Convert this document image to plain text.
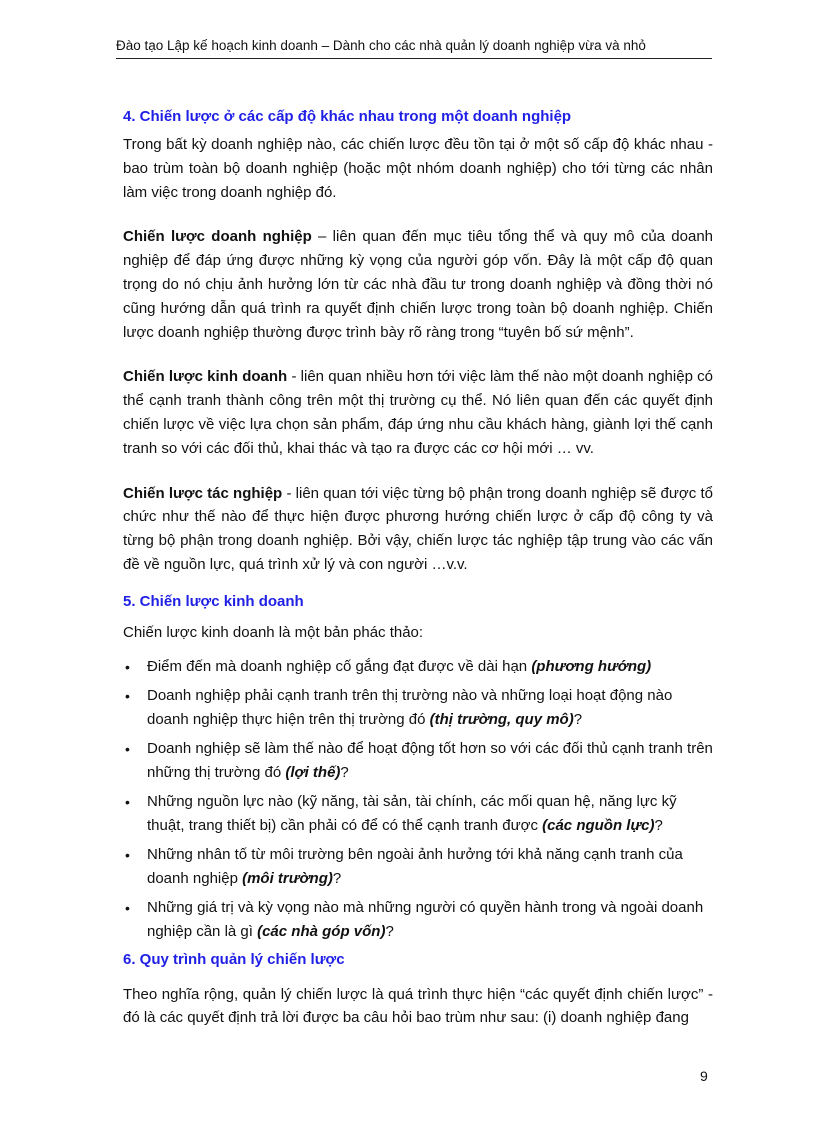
Đào tạo Lập kế hoạch kinh doanh – Dành cho các nhà quản lý doanh nghiệp vừa và nhỏ
4. Chiến lược ở các cấp độ khác nhau trong một doanh nghiệp

Trong bất kỳ doanh nghiệp nào, các chiến lược đều tồn tại ở một số cấp độ khác nhau - bao trùm toàn bộ doanh nghiệp (hoặc một nhóm doanh nghiệp) cho tới từng các nhân làm việc trong doanh nghiệp đó.

Chiến lược doanh nghiệp – liên quan đến mục tiêu tổng thể và quy mô của doanh nghiệp để đáp ứng được những kỳ vọng của người góp vốn. Đây là một cấp độ quan trọng do nó chịu ảnh hưởng lớn từ các nhà đầu tư trong doanh nghiệp và đồng thời nó cũng hướng dẫn quá trình ra quyết định chiến lược trong toàn bộ doanh nghiệp. Chiến lược doanh nghiệp thường được trình bày rõ ràng trong “tuyên bố sứ mệnh”.

Chiến lược kinh doanh - liên quan nhiều hơn tới việc làm thế nào một doanh nghiệp có thể cạnh tranh thành công trên một thị trường cụ thể. Nó liên quan đến các quyết định chiến lược về việc lựa chọn sản phẩm, đáp ứng nhu cầu khách hàng, giành lợi thế cạnh tranh so với các đối thủ, khai thác và tạo ra được các cơ hội mới … vv.

Chiến lược tác nghiệp - liên quan tới việc từng bộ phận trong doanh nghiệp sẽ được tổ chức như thế nào để thực hiện được phương hướng chiến lược ở cấp độ công ty và từng bộ phận trong doanh nghiệp. Bởi vậy, chiến lược tác nghiệp tập trung vào các vấn đề về nguồn lực, quá trình xử lý và con người …v.v.

5. Chiến lược kinh doanh

Chiến lược kinh doanh là một bản phác thảo:

• Điểm đến mà doanh nghiệp cố gắng đạt được về dài hạn (phương hướng)
• Doanh nghiệp phải cạnh tranh trên thị trường nào và những loại hoạt động nào doanh nghiệp thực hiện trên thị trường đó (thị trường, quy mô)?
• Doanh nghiệp sẽ làm thế nào để hoạt động tốt hơn so với các đối thủ cạnh tranh trên những thị trường đó (lợi thế)?
• Những nguồn lực nào (kỹ năng, tài sản, tài chính, các mối quan hệ, năng lực kỹ thuật, trang thiết bị) cần phải có để có thể cạnh tranh được (các nguồn lực)?
• Những nhân tố từ môi trường bên ngoài ảnh hưởng tới khả năng cạnh tranh của doanh nghiệp (môi trường)?
• Những giá trị và kỳ vọng nào mà những người có quyền hành trong và ngoài doanh nghiệp cần là gì (các nhà góp vốn)?
6. Quy trình quản lý chiến lược

Theo nghĩa rộng, quản lý chiến lược là quá trình thực hiện “các quyết định chiến lược” - đó là các quyết định trả lời được ba câu hỏi bao trùm như sau: (i) doanh nghiệp đang

9
